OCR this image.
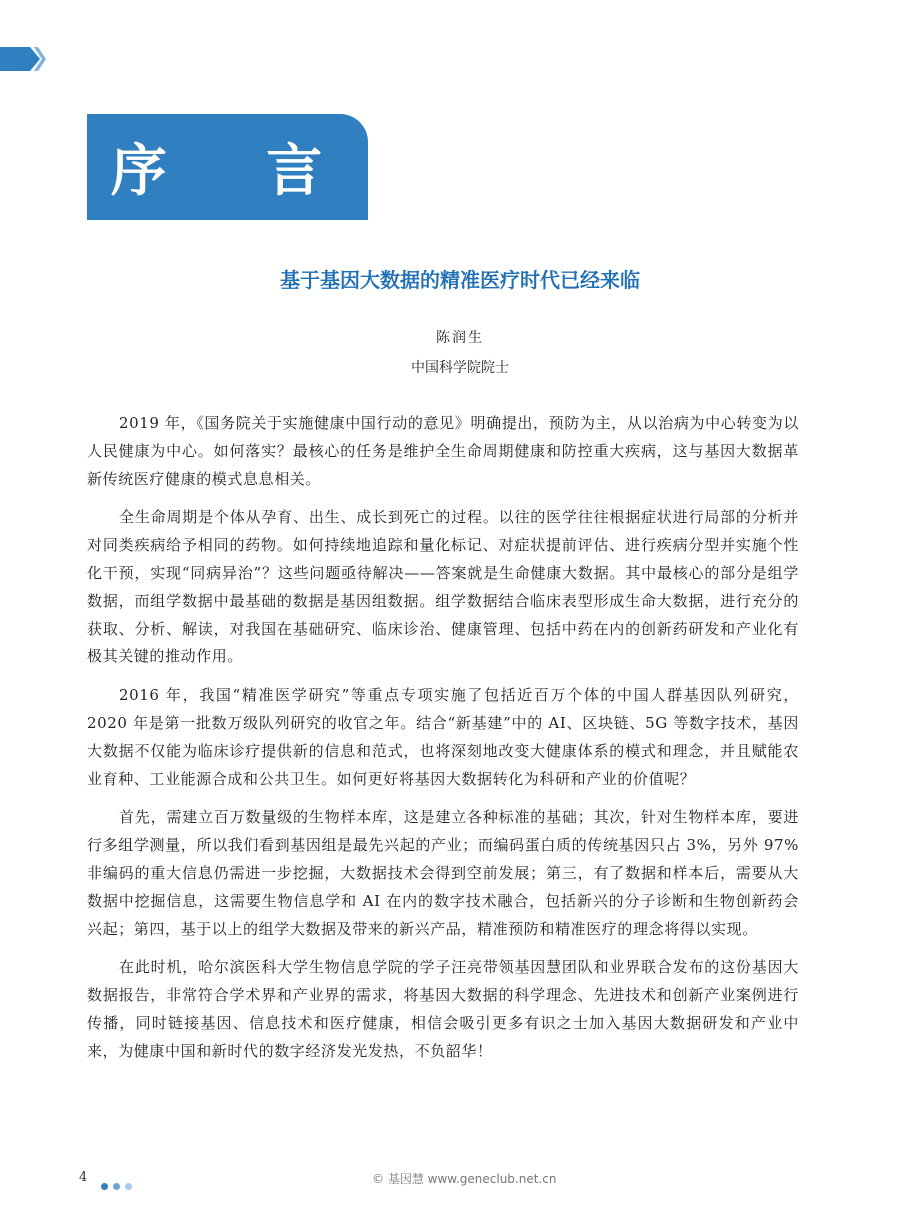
序 言
基于基因大数据的精准医疗时代已经来临
陈润生
中国科学院院士

2019 年，《国务院关于实施健康中国行动的意见》明确提出，预防为主，从以治病为中心转变为以人民健康为中心。如何落实？最核心的任务是维护全生命周期健康和防控重大疾病，这与基因大数据革新传统医疗健康的模式息息相关。

全生命周期是个体从孕育、出生、成长到死亡的过程。以往的医学往往根据症状进行局部的分析并对同类疾病给予相同的药物。如何持续地追踪和量化标记、对症状提前评估、进行疾病分型并实施个性化干预，实现“同病异治”？这些问题亟待解决——答案就是生命健康大数据。其中最核心的部分是组学数据，而组学数据中最基础的数据是基因组数据。组学数据结合临床表型形成生命大数据，进行充分的获取、分析、解读，对我国在基础研究、临床诊治、健康管理、包括中药在内的创新药研发和产业化有极其关键的推动作用。

2016 年，我国“精准医学研究”等重点专项实施了包括近百万个体的中国人群基因队列研究，2020 年是第一批数万级队列研究的收官之年。结合“新基建”中的 AI、区块链、5G 等数字技术，基因大数据不仅能为临床诊疗提供新的信息和范式，也将深刻地改变大健康体系的模式和理念，并且赋能农业育种、工业能源合成和公共卫生。如何更好将基因大数据转化为科研和产业的价值呢？

首先，需建立百万数量级的生物样本库，这是建立各种标准的基础；其次，针对生物样本库，要进行多组学测量，所以我们看到基因组是最先兴起的产业；而编码蛋白质的传统基因只占 3%，另外 97% 非编码的重大信息仍需进一步挖掘，大数据技术会得到空前发展；第三，有了数据和样本后，需要从大数据中挖掘信息，这需要生物信息学和 AI 在内的数字技术融合，包括新兴的分子诊断和生物创新药会兴起；第四，基于以上的组学大数据及带来的新兴产品，精准预防和精准医疗的理念将得以实现。

在此时机，哈尔滨医科大学生物信息学院的学子汪亮带领基因慧团队和业界联合发布的这份基因大数据报告，非常符合学术界和产业界的需求，将基因大数据的科学理念、先进技术和创新产业案例进行传播，同时链接基因、信息技术和医疗健康，相信会吸引更多有识之士加入基因大数据研发和产业中来，为健康中国和新时代的数字经济发光发热，不负韶华！

4	© 基因慧 www.geneclub.net.cn
